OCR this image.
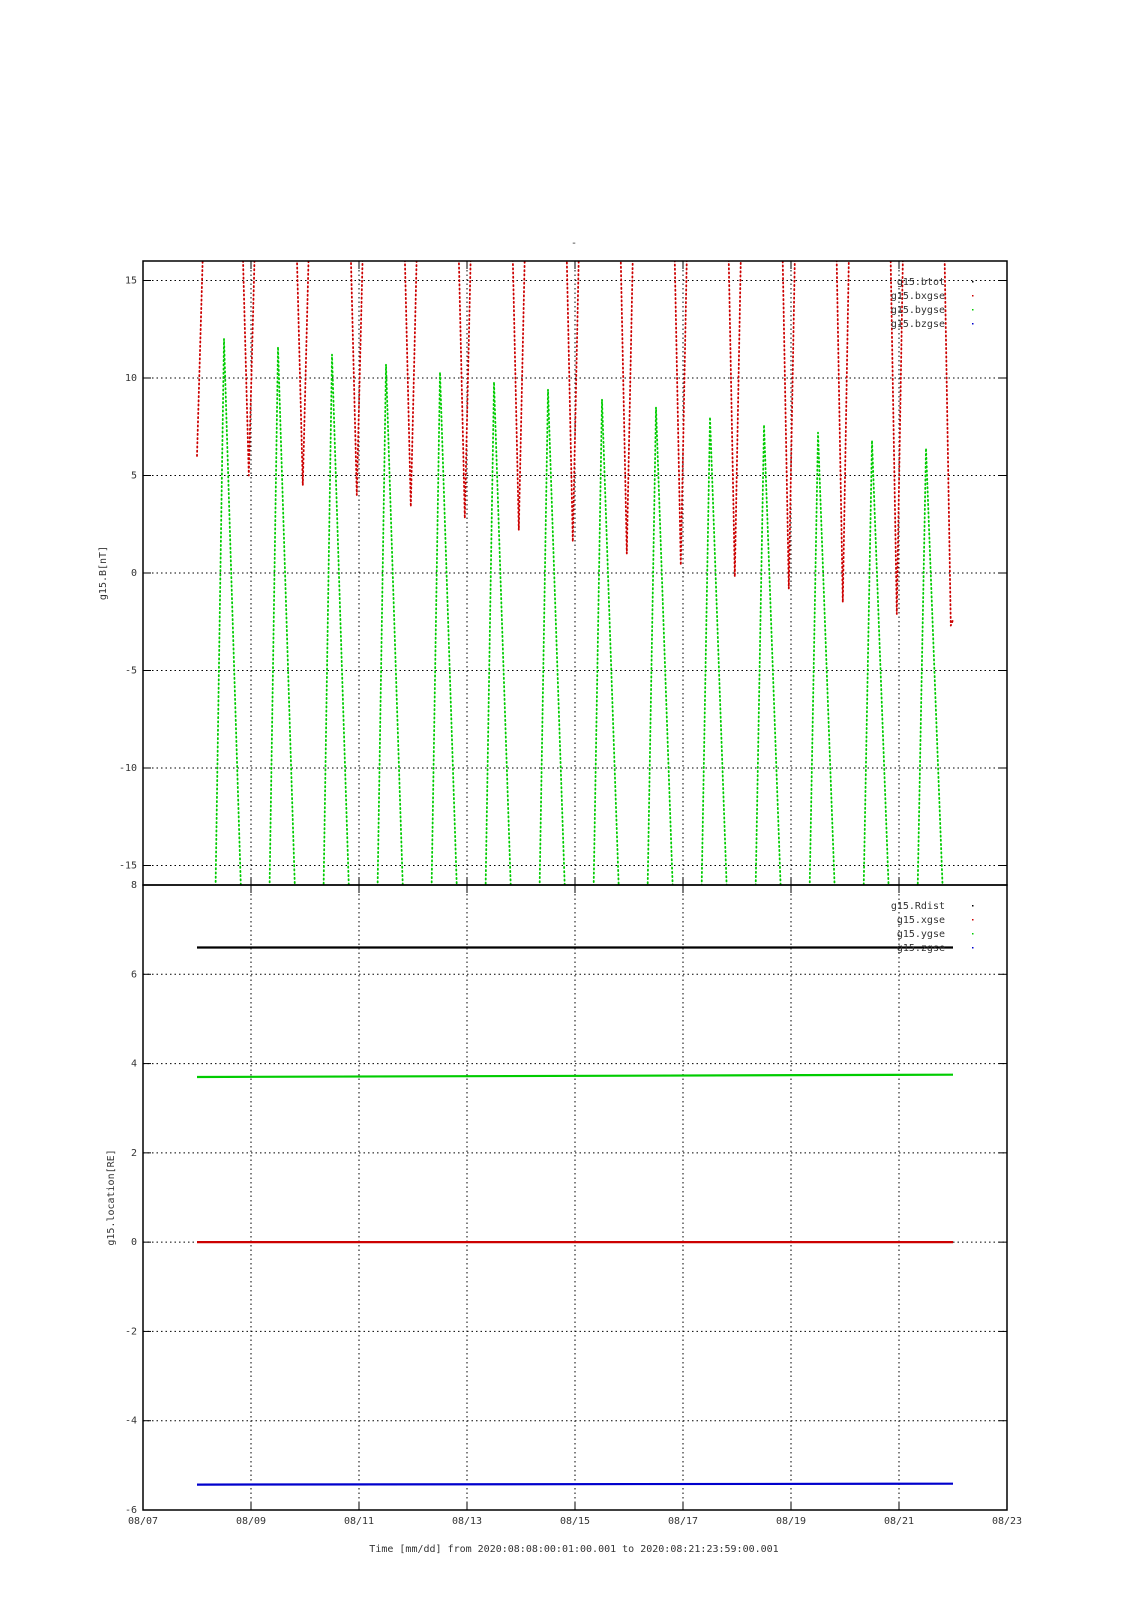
-
15
10
5
0
-5
-10
-15
g15.btot
g15.bxgse
g15.bygse
g15.bzgse
g15.B[nT]
8
6
4
2
0
-2
-4
-6
08/07	08/09	08/11	08/13	08/15	08/17	08/19	08/21	08/23
g15.Rdist
g15.xgse
g15.ygse
g15.zgse
g15.location[RE]
Time [mm/dd] from 2020:08:08:00:01:00.001 to 2020:08:21:23:59:00.001
